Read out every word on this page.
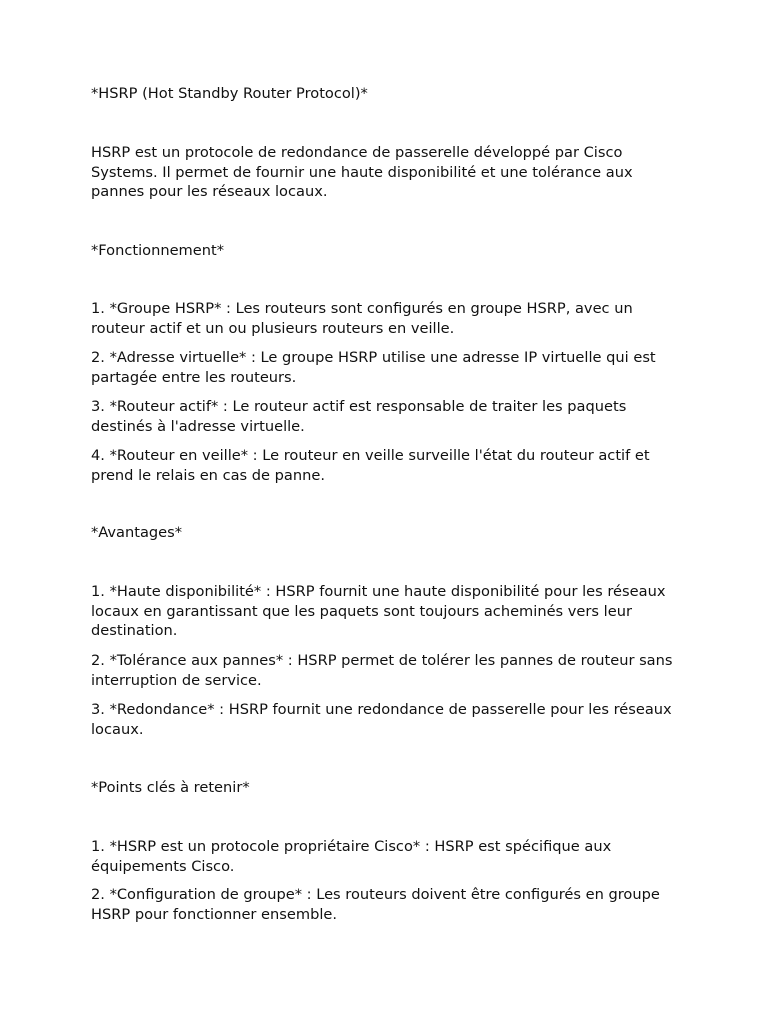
*HSRP (Hot Standby Router Protocol)*

HSRP est un protocole de redondance de passerelle développé par Cisco Systems. Il permet de fournir une haute disponibilité et une tolérance aux pannes pour les réseaux locaux.

*Fonctionnement*

1. *Groupe HSRP* : Les routeurs sont configurés en groupe HSRP, avec un routeur actif et un ou plusieurs routeurs en veille.

2. *Adresse virtuelle* : Le groupe HSRP utilise une adresse IP virtuelle qui est partagée entre les routeurs.

3. *Routeur actif* : Le routeur actif est responsable de traiter les paquets destinés à l'adresse virtuelle.

4. *Routeur en veille* : Le routeur en veille surveille l'état du routeur actif et prend le relais en cas de panne.

*Avantages*

1. *Haute disponibilité* : HSRP fournit une haute disponibilité pour les réseaux locaux en garantissant que les paquets sont toujours acheminés vers leur destination.

2. *Tolérance aux pannes* : HSRP permet de tolérer les pannes de routeur sans interruption de service.

3. *Redondance* : HSRP fournit une redondance de passerelle pour les réseaux locaux.

*Points clés à retenir*

1. *HSRP est un protocole propriétaire Cisco* : HSRP est spécifique aux équipements Cisco.

2. *Configuration de groupe* : Les routeurs doivent être configurés en groupe HSRP pour fonctionner ensemble.
